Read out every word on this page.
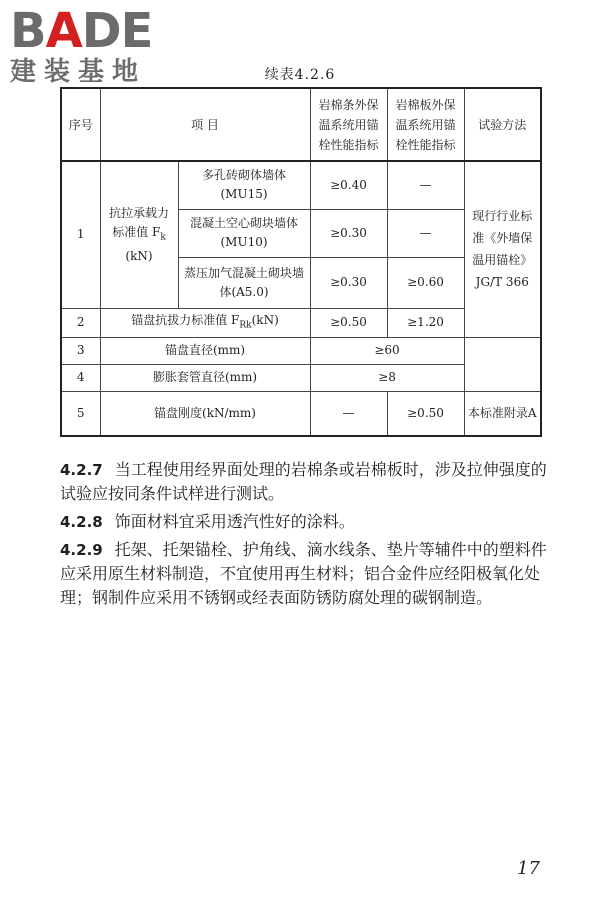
BADE
建装基地	续表4.2.6
序号	项 目		岩棉条外保温系统用锚栓性能指标	岩棉板外保温系统用锚栓性能指标	试验方法
1	抗拉承载力
标准值 $F_k$
(kN)	多孔砖砌体墙体
(MU15)	≥0.40	—	现行行业标准《外墙保温用锚栓》JG/T 366
		混凝土空心砌块墙体
(MU10)	≥0.30	—	
		蒸压加气混凝土砌块墙体(A5.0)	≥0.30	≥0.60	
2	锚盘抗拔力标准值 $F_{Rk}(kN)$		≥0.50	≥1.20	
3	锚盘直径(mm)		≥60		
4	膨胀套管直径(mm)		≥8		
5	锚盘刚度(kN/mm)		—	≥0.50	本标准附录A

4.2.7 当工程使用经界面处理的岩棉条或岩棉板时，涉及拉伸强度的试验应按同条件试样进行测试。

4.2.8 饰面材料宜采用透汽性好的涂料。

4.2.9 托架、托架锚栓、护角线、滴水线条、垫片等辅件中的塑料件应采用原生材料制造，不宜使用再生材料；铝合金件应经阳极氧化处理；钢制件应采用不锈钢或经表面防锈防腐处理的碳钢制造。

17
